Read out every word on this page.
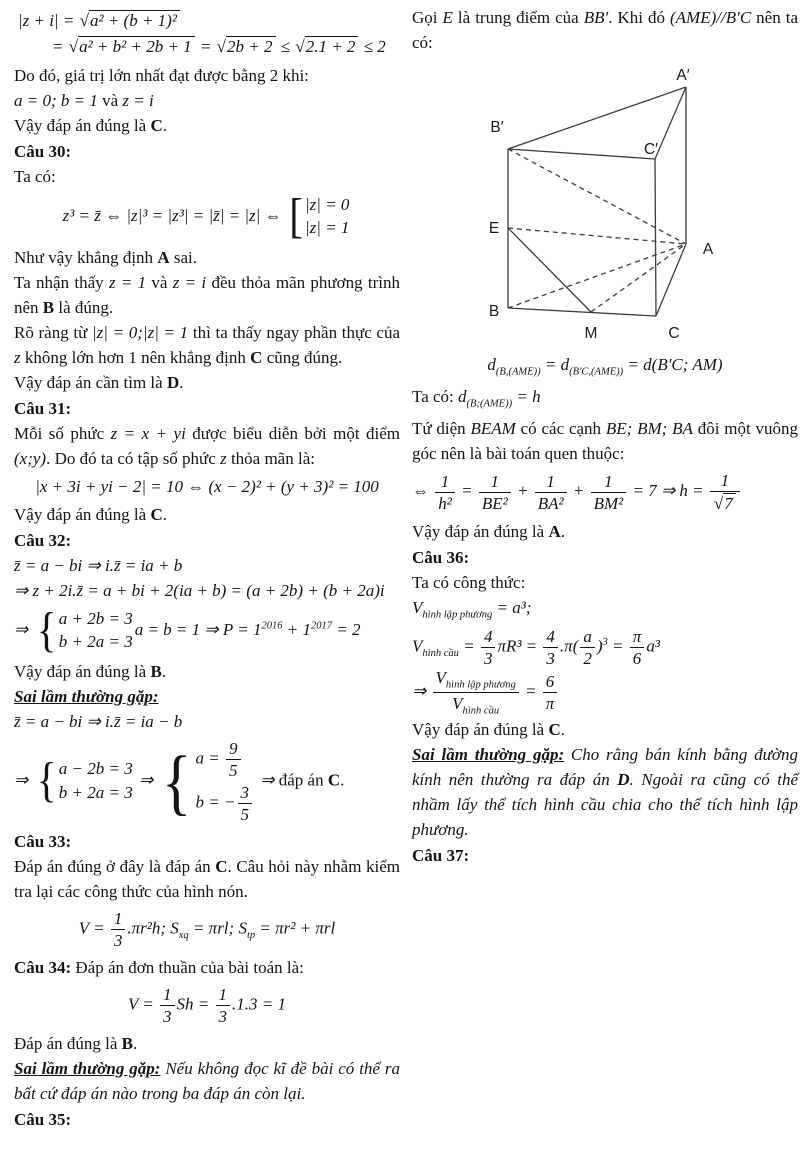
|z + i| = √ a² + (b + 1)²
= √ a² + b² + 2b + 1 = √ 2b + 2 ≤ √ 2.1 + 2 ≤ 2
Do đó, giá trị lớn nhất đạt được bằng 2 khi:
a = 0; b = 1 và z = i
Vậy đáp án đúng là C.
Câu 30:
Ta có:
z³ = z̄ ⇔ |z|³ = |z³| = |z̄| = |z| ⇔ [ |z| = 0
|z| = 1
Như vậy khẳng định A sai.
Ta nhận thấy z = 1 và z = i đều thỏa mãn phương trình nên B là đúng.
Rõ ràng từ |z| = 0;|z| = 1 thì ta thấy ngay phần thực của z không lớn hơn 1 nên khẳng định C cũng đúng.
Vậy đáp án cần tìm là D.
Câu 31:
Mỗi số phức z = x + yi được biểu diễn bởi một điểm (x;y). Do đó ta có tập số phức z thỏa mãn là:
|x + 3i + yi − 2| = 10 ⇔ (x − 2)² + (y + 3)² = 100
Vậy đáp án đúng là C.
Câu 32:
z̄ = a − bi ⇒ i.z̄ = ia + b
⇒ z + 2i.z̄ = a + bi + 2(ia + b) = (a + 2b) + (b + 2a)i
⇒ { a + 2b = 3
b + 2a = 3
a = b = 1 ⇒ $P = 1^{2016} + 1^{2017} = 2$
Vậy đáp án đúng là B.
Sai lầm thường gặp:
z̄ = a − bi ⇒ i.z̄ = ia − b
⇒ { a − 2b = 3
b + 2a = 3
⇒ { $a = \frac{9}{5}$
b = − $\frac{3}{5}$
⇒ đáp án C.
Câu 33:
Đáp án đúng ở đây là đáp án C. Câu hỏi này nhằm kiểm tra lại các công thức của hình nón.
$V = \frac{1}{3} .\pi r^2h$; $S_{xq} = \pi rl$; $S_{tp} = \pi r^2 + \pi rl$
Câu 34: Đáp án đơn thuần của bài toán là:
$V = \frac{1}{3}$ $Sh = \frac{1}{3} .1.3 = 1$
Đáp án đúng là B.
Sai lầm thường gặp: Nếu không đọc kĩ đề bài có thể ra bất cứ đáp án nào trong ba đáp án còn lại.
Câu 35:
Gọi E là trung điểm của BB′. Khi đó (AME)//B′C nên ta có:
A′
B′
C′
E
A
B
M	C
$d_{(B,(AME))} = d_{(B'C,(AME))} = d(B'C$; AM)
Ta có: $d_{(B;(AME))} = h$
Tứ diện BEAM có các cạnh BE; BM; BA đôi một vuông góc nên là bài toán quen thuộc:
⇔ $\frac{1}{\text{h²}} = \frac{1}{\text{BE²}} + \frac{1}{\text{BA²}} + \frac{1}{\text{BM²}} = 7$ ⇒ $h = \frac{1}{√ 7}$
Vậy đáp án đúng là A.
Câu 36:
Ta có công thức:
$V_{hình lập phương} = a^3$;
$V_{hình cầu} = \frac{4}{3} \pi R^3 = \frac{4}{3} .\pi( \frac{a}{2} )^3 = \frac{\pi}{6} a^3$
⇒
$V_{hình lập phương}$
$V_{hình cầu}$
= $\frac{6}{\pi}$
Vậy đáp án đúng là C.
Sai lầm thường gặp: Cho rằng bán kính bằng đường kính nên thường ra đáp án D. Ngoài ra cũng có thể nhầm lấy thể tích hình cầu chia cho thể tích hình lập phương.
Câu 37:
